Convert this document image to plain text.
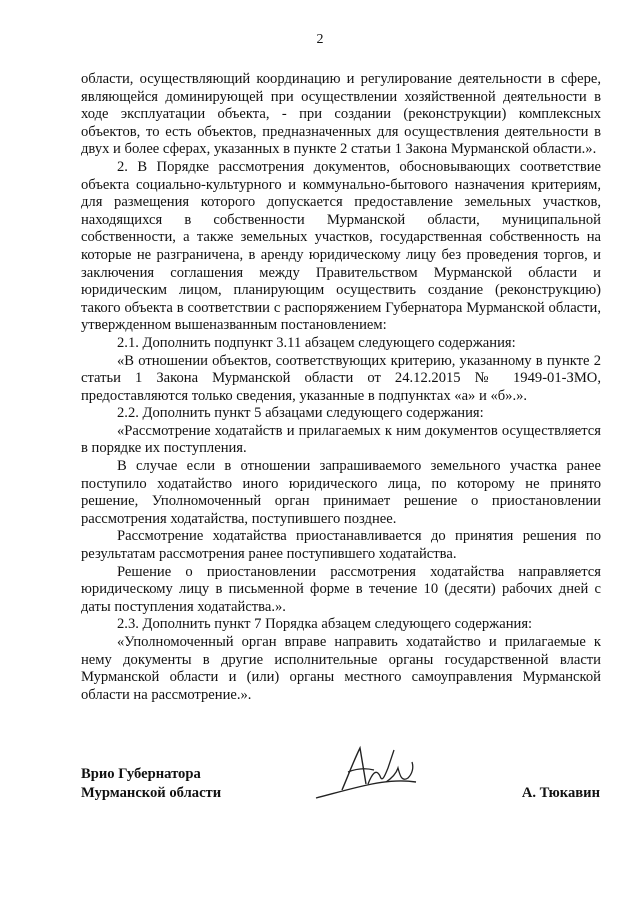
2

области, осуществляющий координацию и регулирование деятельности в сфере, являющейся доминирующей при осуществлении хозяйственной деятельности в ходе эксплуатации объекта, - при создании (реконструкции) комплексных объектов, то есть объектов, предназначенных для осуществления деятельности в двух и более сферах, указанных в пункте 2 статьи 1 Закона Мурманской области.».

2. В Порядке рассмотрения документов, обосновывающих соответствие объекта социально-культурного и коммунально-бытового назначения критериям, для размещения которого допускается предоставление земельных участков, находящихся в собственности Мурманской области, муниципальной собственности, а также земельных участков, государственная собственность на которые не разграничена, в аренду юридическому лицу без проведения торгов, и заключения соглашения между Правительством Мурманской области и юридическим лицом, планирующим осуществить создание (реконструкцию) такого объекта в соответствии с распоряжением Губернатора Мурманской области, утвержденном вышеназванным постановлением:

2.1. Дополнить подпункт 3.11 абзацем следующего содержания:

«В отношении объектов, соответствующих критерию, указанному в пункте 2 статьи 1 Закона Мурманской области от 24.12.2015 № 1949-01-ЗМО, предоставляются только сведения, указанные в подпунктах «а» и «б».».

2.2. Дополнить пункт 5 абзацами следующего содержания:

«Рассмотрение ходатайств и прилагаемых к ним документов осуществляется в порядке их поступления.

В случае если в отношении запрашиваемого земельного участка ранее поступило ходатайство иного юридического лица, по которому не принято решение, Уполномоченный орган принимает решение о приостановлении рассмотрения ходатайства, поступившего позднее.

Рассмотрение ходатайства приостанавливается до принятия решения по результатам рассмотрения ранее поступившего ходатайства.

Решение о приостановлении рассмотрения ходатайства направляется юридическому лицу в письменной форме в течение 10 (десяти) рабочих дней с даты поступления ходатайства.».

2.3. Дополнить пункт 7 Порядка абзацем следующего содержания:

«Уполномоченный орган вправе направить ходатайство и прилагаемые к нему документы в другие исполнительные органы государственной власти Мурманской области и (или) органы местного самоуправления Мурманской области на рассмотрение.».

Врио Губернатора
Мурманской области	А. Тюкавин
